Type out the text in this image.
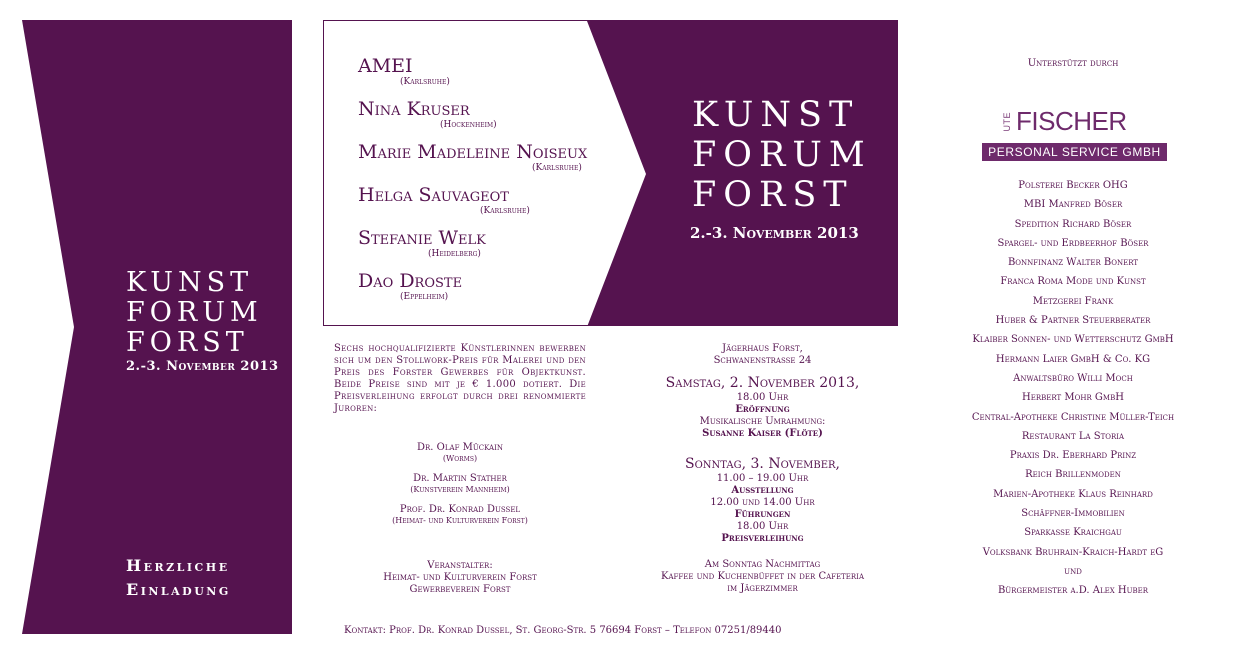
KUNST
FORUM
FORST
2.-3. November 2013
Herzliche
Einladung
AMEI
(Karlsruhe)
Nina Kruser
(Hockenheim)
Marie Madeleine Noiseux
(Karlsruhe)
Helga Sauvageot
(Karlsruhe)
Stefanie Welk
(Heidelberg)
Dao Droste
(Eppelheim)
KUNST
FORUM
FORST
2.-3. November 2013
Sechs hochqualifizierte Künstlerinnen bewerben sich um den Stollwork-Preis für Malerei und den Preis des Forster Gewerbes für Objektkunst. Beide Preise sind mit je € 1.000 dotiert. Die Preisverleihung erfolgt durch drei renommierte Juroren:
Dr. Olaf Mückain
(Worms)
Dr. Martin Stather
(Kunstverein Mannheim)
Prof. Dr. Konrad Dussel
(Heimat- und Kulturverein Forst)
Veranstalter:
Heimat- und Kulturverein Forst
Gewerbeverein Forst
Jägerhaus Forst,
Schwanenstrasse 24
Samstag, 2. November 2013,
18.00 Uhr
Eröffnung
Musikalische Umrahmung:
Susanne Kaiser (Flöte)
Sonntag, 3. November,
11.00 – 19.00 Uhr
Ausstellung
12.00 und 14.00 Uhr
Führungen
18.00 Uhr
Preisverleihung
Am Sonntag Nachmittag
Kaffee und Kuchenbüffet in der Cafeteria
im Jägerzimmer
Kontakt: Prof. Dr. Konrad Dussel, St. Georg-Str. 5 76694 Forst – Telefon 07251/89440
Unterstützt durch
UTE FISCHER
PERSONAL SERVICE GMBH
Polsterei Becker OHG
MBI Manfred Böser
Spedition Richard Böser
Spargel- und Erdbeerhof Böser
Bonnfinanz Walter Bonert
Franca Roma Mode und Kunst
Metzgerei Frank
Huber & Partner Steuerberater
Klaiber Sonnen- und Wetterschutz GmbH
Hermann Laier GmbH & Co. KG
Anwaltsbüro Willi Moch
Herbert Mohr GmbH
Central-Apotheke Christine Müller-Teich
Restaurant La Storia
Praxis Dr. Eberhard Prinz
Reich Brillenmoden
Marien-Apotheke Klaus Reinhard
Schäffner-Immobilien
Sparkasse Kraichgau
Volksbank Bruhrain-Kraich-Hardt eG
und
Bürgermeister a.D. Alex Huber
